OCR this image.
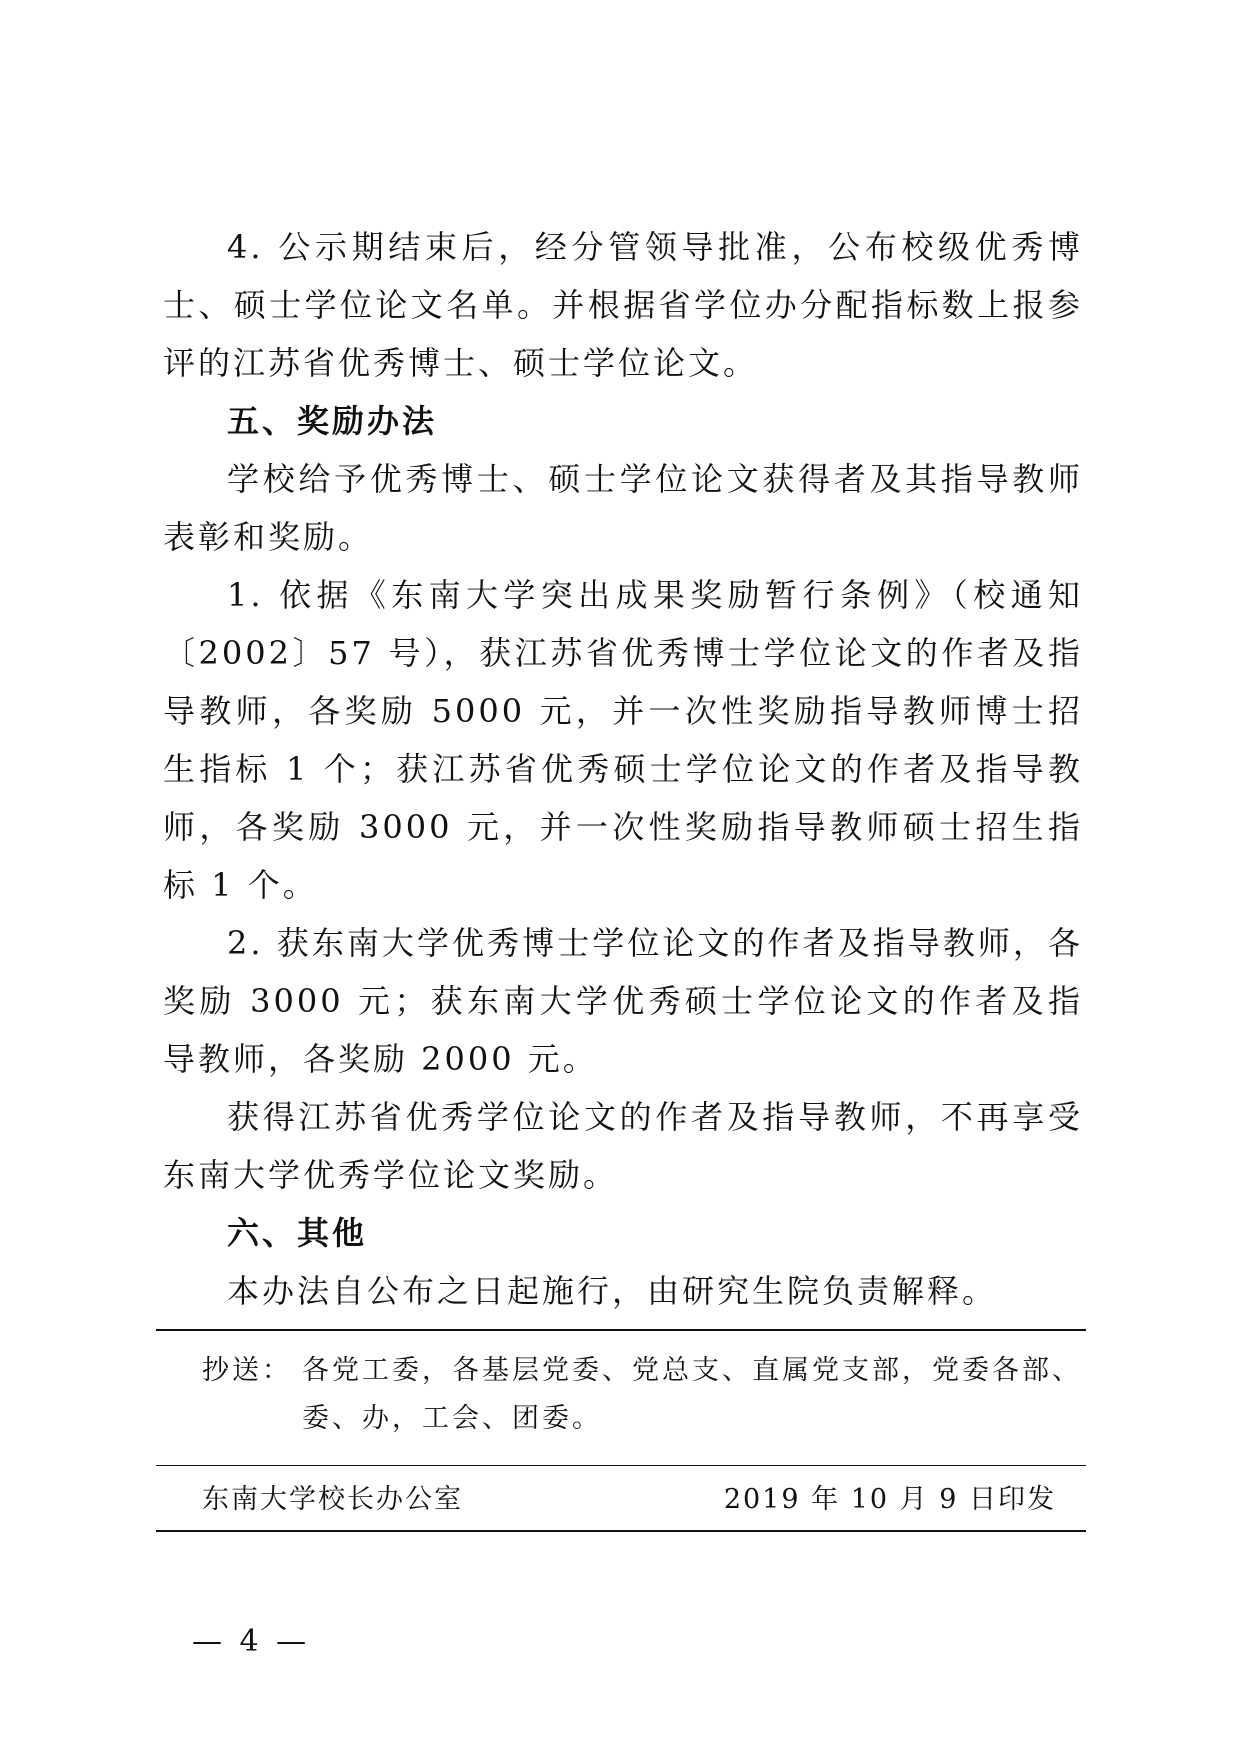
4. 公示期结束后，经分管领导批准，公布校级优秀博士、硕士学位论文名单。并根据省学位办分配指标数上报参评的江苏省优秀博士、硕士学位论文。

五、奖励办法

学校给予优秀博士、硕士学位论文获得者及其指导教师表彰和奖励。

1. 依据《东南大学突出成果奖励暂行条例》（校通知〔2002〕57 号），获江苏省优秀博士学位论文的作者及指导教师，各奖励 5000 元，并一次性奖励指导教师博士招生指标 1 个；获江苏省优秀硕士学位论文的作者及指导教师，各奖励 3000 元，并一次性奖励指导教师硕士招生指标 1 个。

2. 获东南大学优秀博士学位论文的作者及指导教师，各奖励 3000 元；获东南大学优秀硕士学位论文的作者及指导教师，各奖励 2000 元。

获得江苏省优秀学位论文的作者及指导教师，不再享受东南大学优秀学位论文奖励。

六、其他

本办法自公布之日起施行，由研究生院负责解释。

抄送： 各党工委，各基层党委、党总支、直属党支部，党委各部、委、办，工会、团委。
东南大学校长办公室	2019 年 10 月 9 日印发
— 4 —
